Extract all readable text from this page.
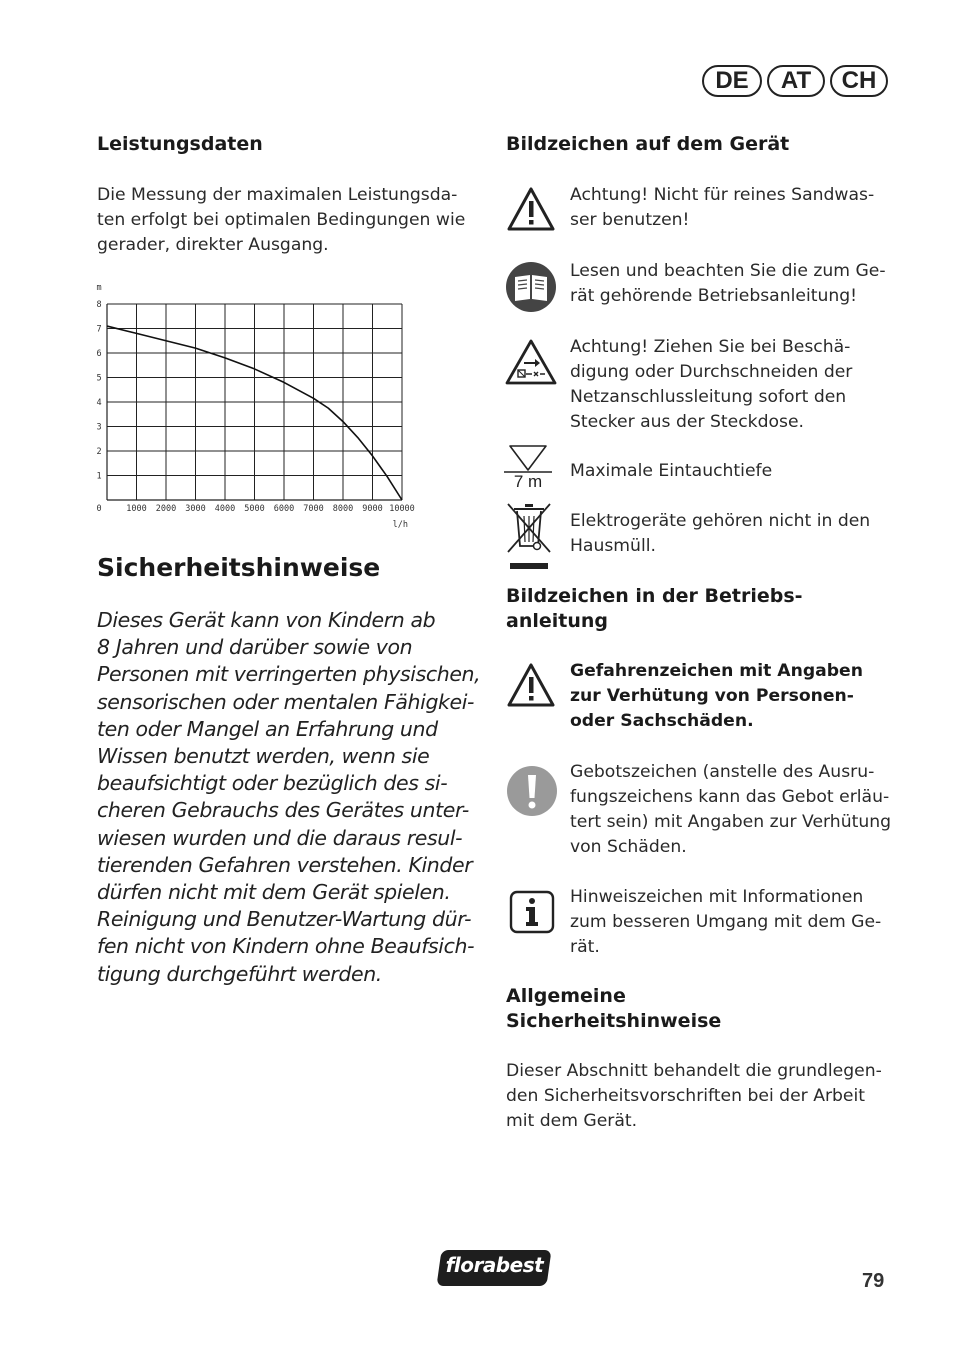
DE	AT	CH
Leistungsdaten
Die Messung der maximalen Leistungsda-
ten erfolgt bei optimalen Bedingungen wie
gerader, direkter Ausgang.
0	1000 2000 3000 4000 5000 6000 7000 8000 9000 10000
1
2
3
4
5
6
7
8
m
l/h
Sicherheitshinweise
Dieses Gerät kann von Kindern ab
8 Jahren und darüber sowie von
Personen mit verringerten physischen,
sensorischen oder mentalen Fähigkei-
ten oder Mangel an Erfahrung und
Wissen benutzt werden, wenn sie
beaufsichtigt oder bezüglich des si-
cheren Gebrauchs des Gerätes unter-
wiesen wurden und die daraus resul-
tierenden Gefahren verstehen. Kinder
dürfen nicht mit dem Gerät spielen.
Reinigung und Benutzer-Wartung dür-
fen nicht von Kindern ohne Beaufsich-
tigung durchgeführt werden.
Bildzeichen auf dem Gerät
Achtung! Nicht für reines Sandwas-
ser benutzen!
Lesen und beachten Sie die zum Ge-
rät gehörende Betriebsanleitung!
Achtung! Ziehen Sie bei Beschä-
digung oder Durchschneiden der
Netzanschlussleitung sofort den
Stecker aus der Steckdose.
7 m
Maximale Eintauchtiefe
Elektrogeräte gehören nicht in den
Hausmüll.
Bildzeichen in der Betriebs-
anleitung
Gefahrenzeichen mit Angaben
zur Verhütung von Personen-
oder Sachschäden.
Gebotszeichen (anstelle des Ausru-
fungszeichens kann das Gebot erläu-
tert sein) mit Angaben zur Verhütung
von Schäden.
Hinweiszeichen mit Informationen
zum besseren Umgang mit dem Ge-
rät.
Allgemeine
Sicherheitshinweise
Dieser Abschnitt behandelt die grundlegen-
den Sicherheitsvorschriften bei der Arbeit
mit dem Gerät.
florabest
79
